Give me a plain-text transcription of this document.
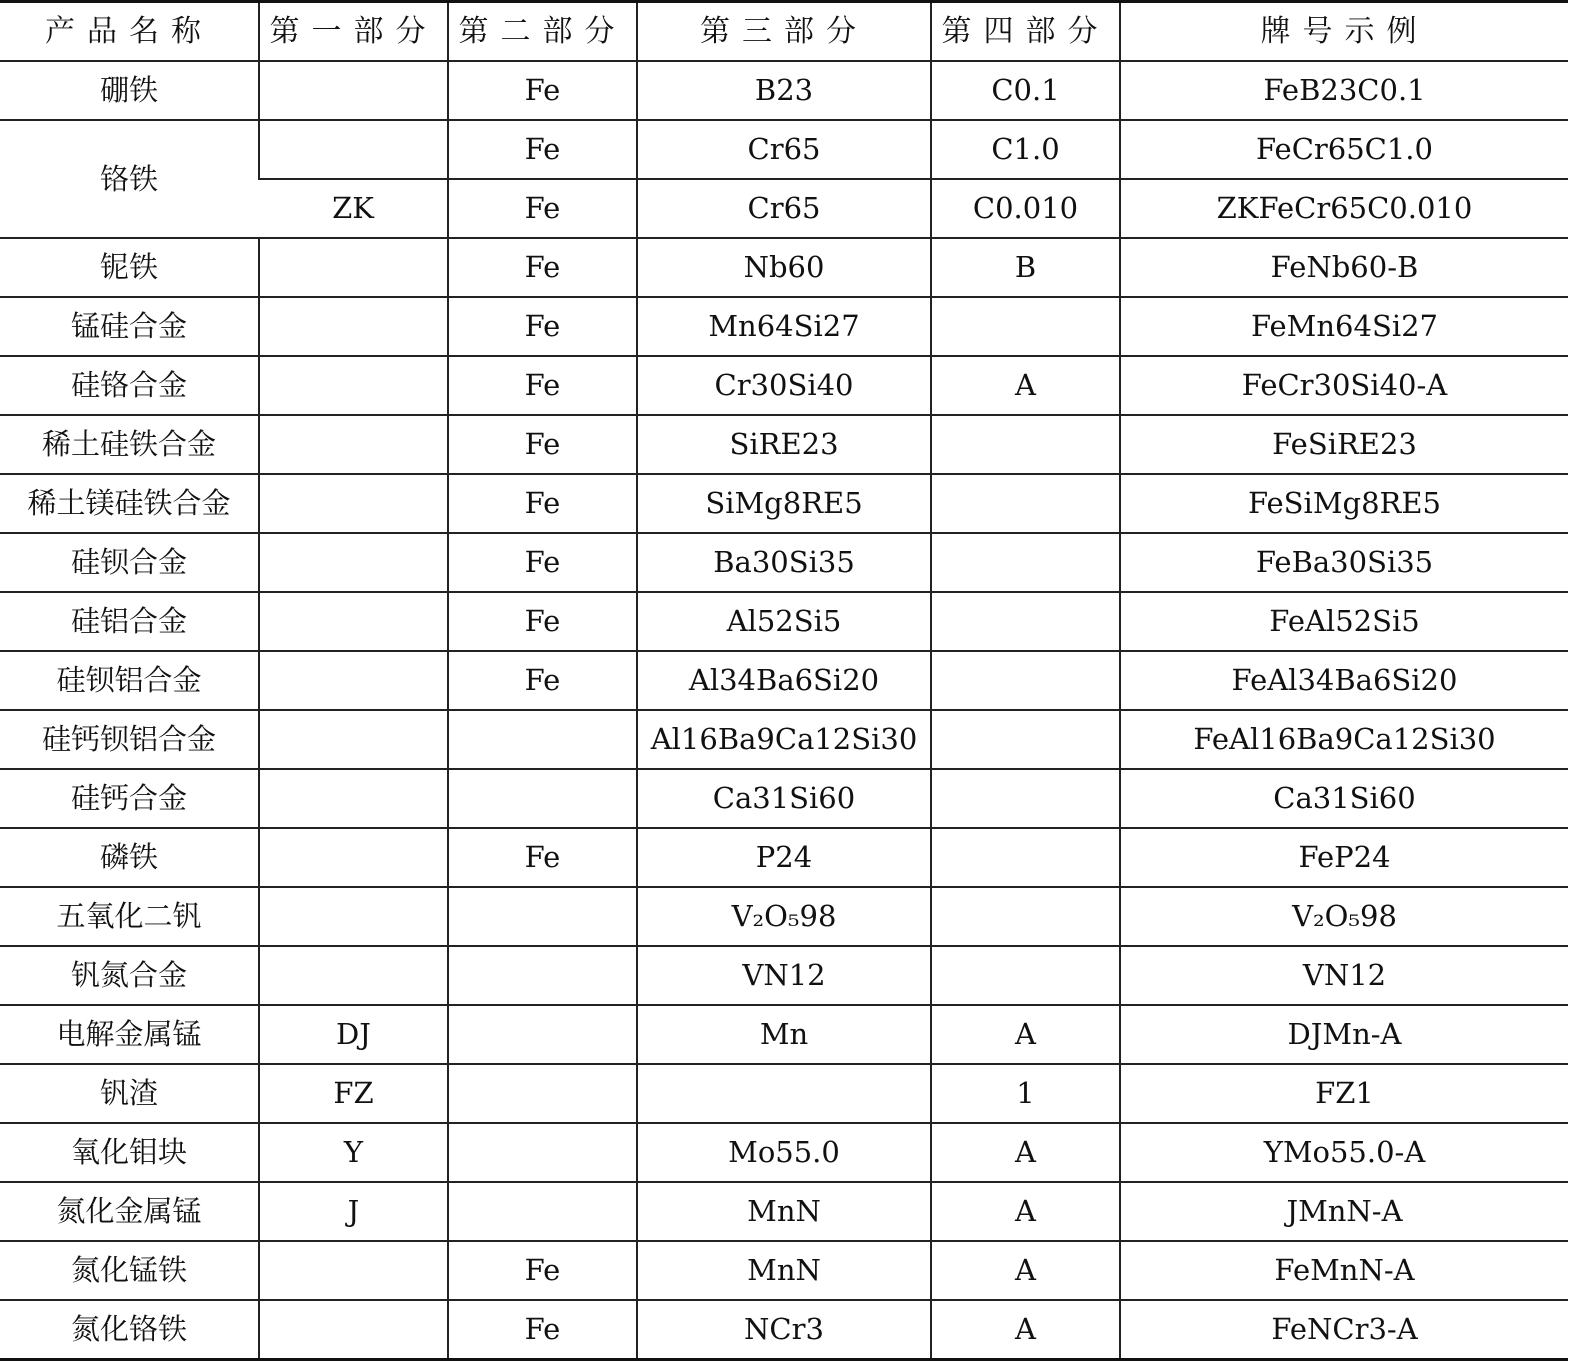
产品名称	第一部分	第二部分	第三部分	第四部分	牌号示例
硼铁		Fe	B23	C0.1	FeB23C0.1
铬铁		Fe	Cr65	C1.0	FeCr65C1.0
	ZK	Fe	Cr65	C0.010	ZKFeCr65C0.010
铌铁		Fe	Nb60	B	FeNb60-B
锰硅合金		Fe	Mn64Si27		FeMn64Si27
硅铬合金		Fe	Cr30Si40	A	FeCr30Si40-A
稀土硅铁合金		Fe	SiRE23		FeSiRE23
稀土镁硅铁合金		Fe	SiMg8RE5		FeSiMg8RE5
硅钡合金		Fe	Ba30Si35		FeBa30Si35
硅铝合金		Fe	Al52Si5		FeAl52Si5
硅钡铝合金		Fe	Al34Ba6Si20		FeAl34Ba6Si20
硅钙钡铝合金			Al16Ba9Ca12Si30		FeAl16Ba9Ca12Si30
硅钙合金			Ca31Si60		Ca31Si60
磷铁		Fe	P24		FeP24
五氧化二钒			V₂O₅98		V₂O₅98
钒氮合金			VN12		VN12
电解金属锰	DJ		Mn	A	DJMn-A
钒渣	FZ			1	FZ1
氧化钼块	Y		Mo55.0	A	YMo55.0-A
氮化金属锰	J		MnN	A	JMnN-A
氮化锰铁		Fe	MnN	A	FeMnN-A
氮化铬铁		Fe	NCr3	A	FeNCr3-A
